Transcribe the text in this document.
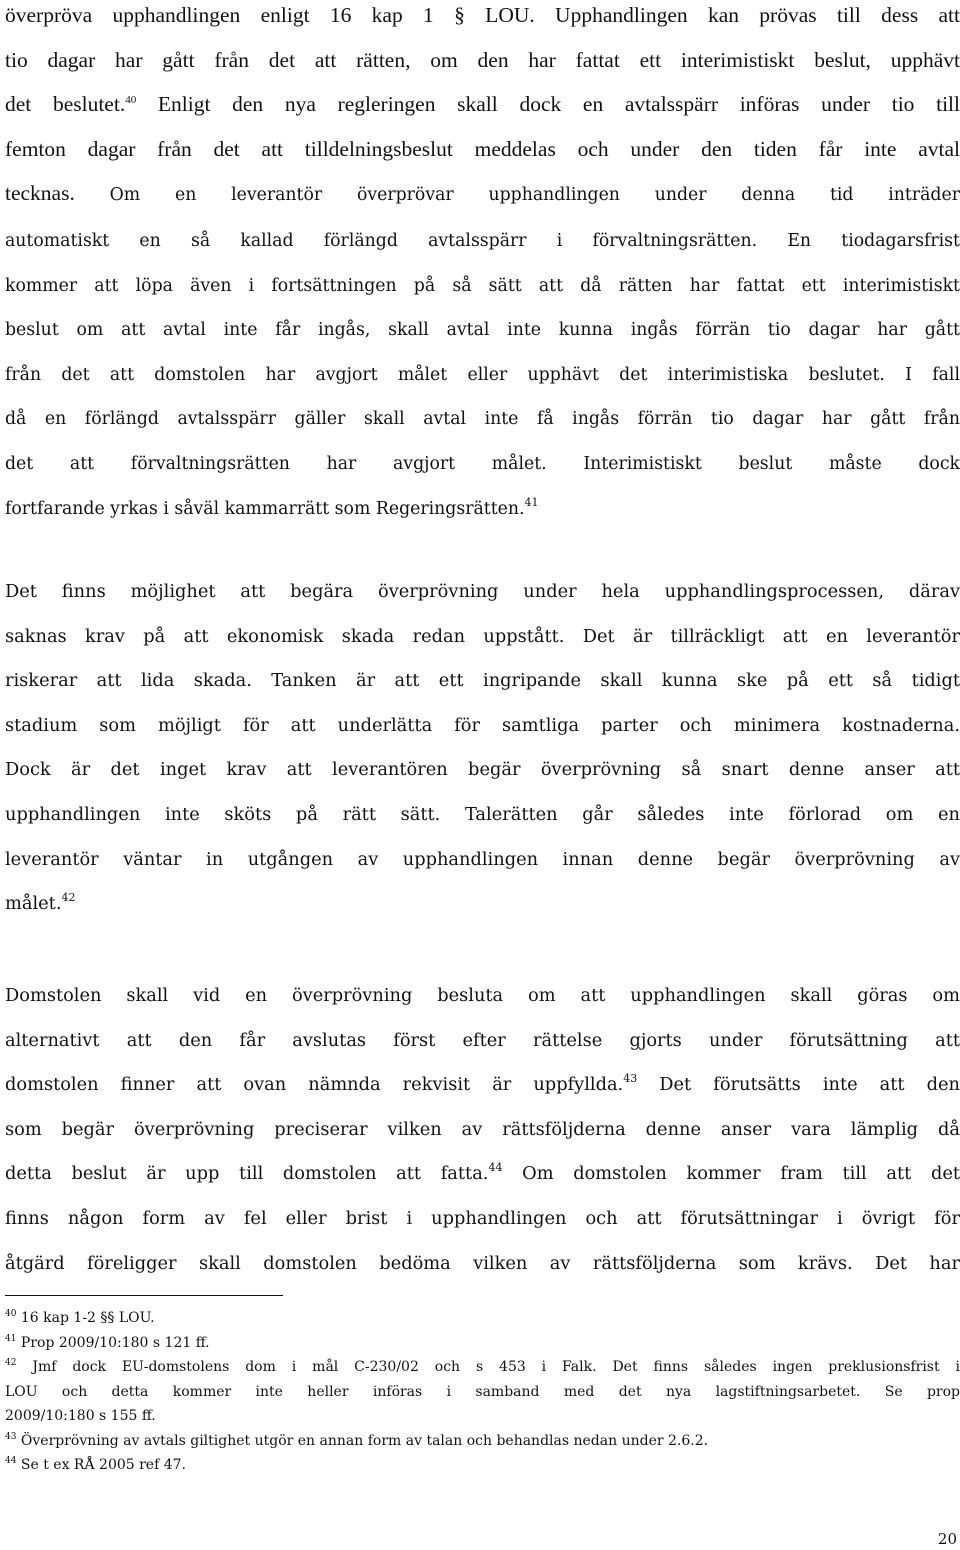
överpröva upphandlingen enligt 16 kap 1 § LOU. Upphandlingen kan prövas till dess att
tio dagar har gått från det att rätten, om den har fattat ett interimistiskt beslut, upphävt
det beslutet.$^{40}$ Enligt den nya regleringen skall dock en avtalsspärr införas under tio till
femton dagar från det att tilldelningsbeslut meddelas och under den tiden får inte avtal
tecknas. Om en leverantör överprövar upphandlingen under denna tid inträder
automatiskt en så kallad förlängd avtalsspärr i förvaltningsrätten. En tiodagarsfrist
kommer att löpa även i fortsättningen på så sätt att då rätten har fattat ett interimistiskt
beslut om att avtal inte får ingås, skall avtal inte kunna ingås förrän tio dagar har gått
från det att domstolen har avgjort målet eller upphävt det interimistiska beslutet. I fall
då en förlängd avtalsspärr gäller skall avtal inte få ingås förrän tio dagar har gått från
det att förvaltningsrätten har avgjort målet. Interimistiskt beslut måste dock
fortfarande yrkas i såväl kammarrätt som Regeringsrätten.$^{41}$
Det finns möjlighet att begära överprövning under hela upphandlingsprocessen, därav
saknas krav på att ekonomisk skada redan uppstått. Det är tillräckligt att en leverantör
riskerar att lida skada. Tanken är att ett ingripande skall kunna ske på ett så tidigt
stadium som möjligt för att underlätta för samtliga parter och minimera kostnaderna.
Dock är det inget krav att leverantören begär överprövning så snart denne anser att
upphandlingen inte sköts på rätt sätt. Talerätten går således inte förlorad om en
leverantör väntar in utgången av upphandlingen innan denne begär överprövning av
målet.$^{42}$
Domstolen skall vid en överprövning besluta om att upphandlingen skall göras om
alternativt att den får avslutas först efter rättelse gjorts under förutsättning att
domstolen finner att ovan nämnda rekvisit är uppfyllda.$^{43}$ Det förutsätts inte att den
som begär överprövning preciserar vilken av rättsföljderna denne anser vara lämplig då
detta beslut är upp till domstolen att fatta.$^{44}$ Om domstolen kommer fram till att det
finns någon form av fel eller brist i upphandlingen och att förutsättningar i övrigt för
åtgärd föreligger skall domstolen bedöma vilken av rättsföljderna som krävs. Det har

$^{40}$ 16 kap 1-2 §§ LOU.

$^{41}$ Prop 2009/10:180 s 121 ff.

$^{42}$ Jmf dock EU-domstolens dom i mål C-230/02 och s 453 i Falk. Det finns således ingen preklusionsfrist i
LOU och detta kommer inte heller införas i samband med det nya lagstiftningsarbetet. Se prop
2009/10:180 s 155 ff.

$^{43}$ Överprövning av avtals giltighet utgör en annan form av talan och behandlas nedan under 2.6.2.

$^{44}$ Se t ex RÅ 2005 ref 47.

20
